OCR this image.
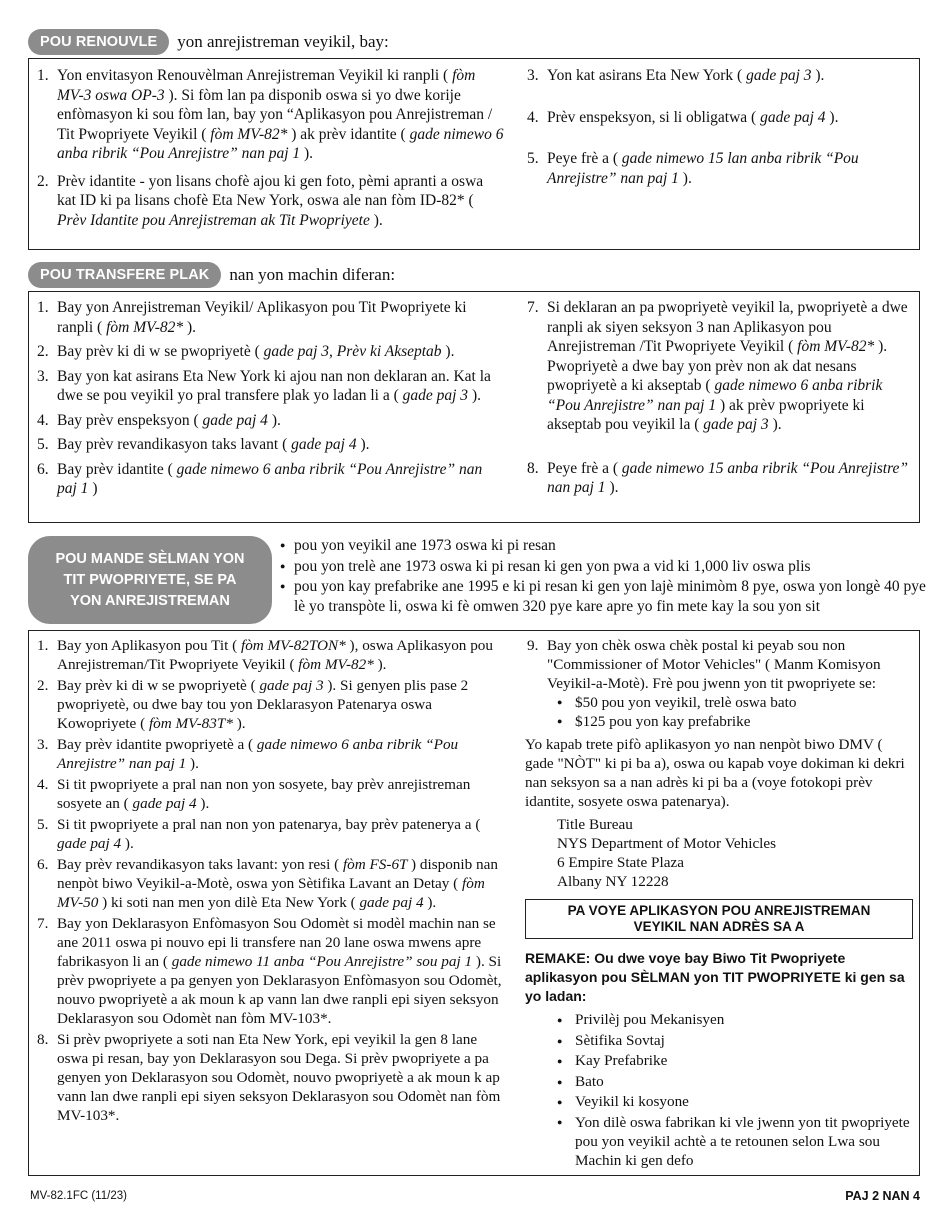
POU RENOUVLE	yon anrejistreman veyikil, bay:
1. Yon envitasyon Renouvèlman Anrejistreman Veyikil ki ranpli ( fòm MV-3 oswa OP-3 ). Si fòm lan pa disponib oswa si yo dwe korije enfòmasyon ki sou fòm lan, bay yon “Aplikasyon pou Anrejistreman / Tit Pwopriyete Veyikil ( fòm MV-82* ) ak prèv idantite ( gade nimewo 6 anba ribrik “Pou Anrejistre” nan paj 1 ).
2. Prèv idantite - yon lisans chofè ajou ki gen foto, pèmi apranti a oswa kat ID ki pa lisans chofè Eta New York, oswa ale nan fòm ID-82* ( Prèv Idantite pou Anrejistreman ak Tit Pwopriyete ).
3. Yon kat asirans Eta New York ( gade paj 3 ).
4. Prèv enspeksyon, si li obligatwa ( gade paj 4 ).
5. Peye frè a ( gade nimewo 15 lan anba ribrik “Pou Anrejistre” nan paj 1 ).
POU TRANSFERE PLAK	nan yon machin diferan:
1. Bay yon Anrejistreman Veyikil/ Aplikasyon pou Tit Pwopriyete ki ranpli ( fòm MV-82* ).
2. Bay prèv ki di w se pwopriyetè ( gade paj 3, Prèv ki Akseptab ).
3. Bay yon kat asirans Eta New York ki ajou nan non deklaran an. Kat la dwe se pou veyikil yo pral transfere plak yo ladan li a ( gade paj 3 ).
4. Bay prèv enspeksyon ( gade paj 4 ).
5. Bay prèv revandikasyon taks lavant ( gade paj 4 ).
6. Bay prèv idantite ( gade nimewo 6 anba ribrik “Pou Anrejistre” nan paj 1 )
7. Si deklaran an pa pwopriyetè veyikil la, pwopriyetè a dwe ranpli ak siyen seksyon 3 nan Aplikasyon pou Anrejistreman /Tit Pwopriyete Veyikil ( fòm MV-82* ). Pwopriyetè a dwe bay yon prèv non ak dat nesans pwopriyetè a ki akseptab ( gade nimewo 6 anba ribrik “Pou Anrejistre” nan paj 1 ) ak prèv pwopriyete ki akseptab pou veyikil la ( gade paj 3 ).
8. Peye frè a ( gade nimewo 15 anba ribrik “Pou Anrejistre” nan paj 1 ).
POU MANDE SÈLMAN YON
TIT PWOPRIYETE, SE PA
YON ANREJISTREMAN
● pou yon veyikil ane 1973 oswa ki pi resan
● pou yon trelè ane 1973 oswa ki pi resan ki gen yon pwa a vid ki 1,000 liv oswa plis
● pou yon kay prefabrike ane 1995 e ki pi resan ki gen yon lajè minimòm 8 pye, oswa yon longè 40 pye lè yo transpòte li, oswa ki fè omwen 320 pye kare apre yo fin mete kay la sou yon sit
1. Bay yon Aplikasyon pou Tit ( fòm MV-82TON* ), oswa Aplikasyon pou Anrejistreman/Tit Pwopriyete Veyikil ( fòm MV-82* ).
2. Bay prèv ki di w se pwopriyetè ( gade paj 3 ). Si genyen plis pase 2 pwopriyetè, ou dwe bay tou yon Deklarasyon Patenarya oswa Kowopriyete ( fòm MV-83T* ).
3. Bay prèv idantite pwopriyetè a ( gade nimewo 6 anba ribrik “Pou Anrejistre” nan paj 1 ).
4. Si tit pwopriyete a pral nan non yon sosyete, bay prèv anrejistreman sosyete an ( gade paj 4 ).
5. Si tit pwopriyete a pral nan non yon patenarya, bay prèv patenerya a ( gade paj 4 ).
6. Bay prèv revandikasyon taks lavant: yon resi ( fòm FS-6T ) disponib nan nenpòt biwo Veyikil-a-Motè, oswa yon Sètifika Lavant an Detay ( fòm MV-50 ) ki soti nan men yon dilè Eta New York ( gade paj 4 ).
7. Bay yon Deklarasyon Enfòmasyon Sou Odomèt si modèl machin nan se ane 2011 oswa pi nouvo epi li transfere nan 20 lane oswa mwens apre fabrikasyon li an ( gade nimewo 11 anba “Pou Anrejistre” sou paj 1 ). Si prèv pwopriyete a pa genyen yon Deklarasyon Enfòmasyon sou Odomèt, nouvo pwopriyetè a ak moun k ap vann lan dwe ranpli epi siyen seksyon Deklarasyon sou Odomèt nan fòm MV-103*.
8. Si prèv pwopriyete a soti nan Eta New York, epi veyikil la gen 8 lane oswa pi resan, bay yon Deklarasyon sou Dega. Si prèv pwopriyete a pa genyen yon Deklarasyon sou Odomèt, nouvo pwopriyetè a ak moun k ap vann lan dwe ranpli epi siyen seksyon Deklarasyon sou Odomèt nan fòm MV-103*.
9. Bay yon chèk oswa chèk postal ki peyab sou non "Commissioner of Motor Vehicles" ( Manm Komisyon Veyikil-a-Motè). Frè pou jwenn yon tit pwopriyete se:
● $50 pou yon veyikil, trelè oswa bato
● $125 pou yon kay prefabrike
Yo kapab trete pifò aplikasyon yo nan nenpòt biwo DMV ( gade "NÒT" ki pi ba a), oswa ou kapab voye dokiman ki dekri nan seksyon sa a nan adrès ki pi ba a (voye fotokopi prèv idantite, sosyete oswa patenarya).
Title Bureau
NYS Department of Motor Vehicles
6 Empire State Plaza
Albany NY 12228
PA VOYE APLIKASYON POU ANREJISTREMAN
VEYIKIL NAN ADRÈS SA A
REMAKE: Ou dwe voye bay Biwo Tit Pwopriyete aplikasyon pou SÈLMAN yon TIT PWOPRIYETE ki gen sa yo ladan:
● Privilèj pou Mekanisyen
● Sètifika Sovtaj
● Kay Prefabrike
● Bato
● Veyikil ki kosyone
● Yon dilè oswa fabrikan ki vle jwenn yon tit pwopriyete pou yon veyikil achtè a te retounen selon Lwa sou Machin ki gen defo
MV-82.1FC (11/23)	PAJ 2 NAN 4
